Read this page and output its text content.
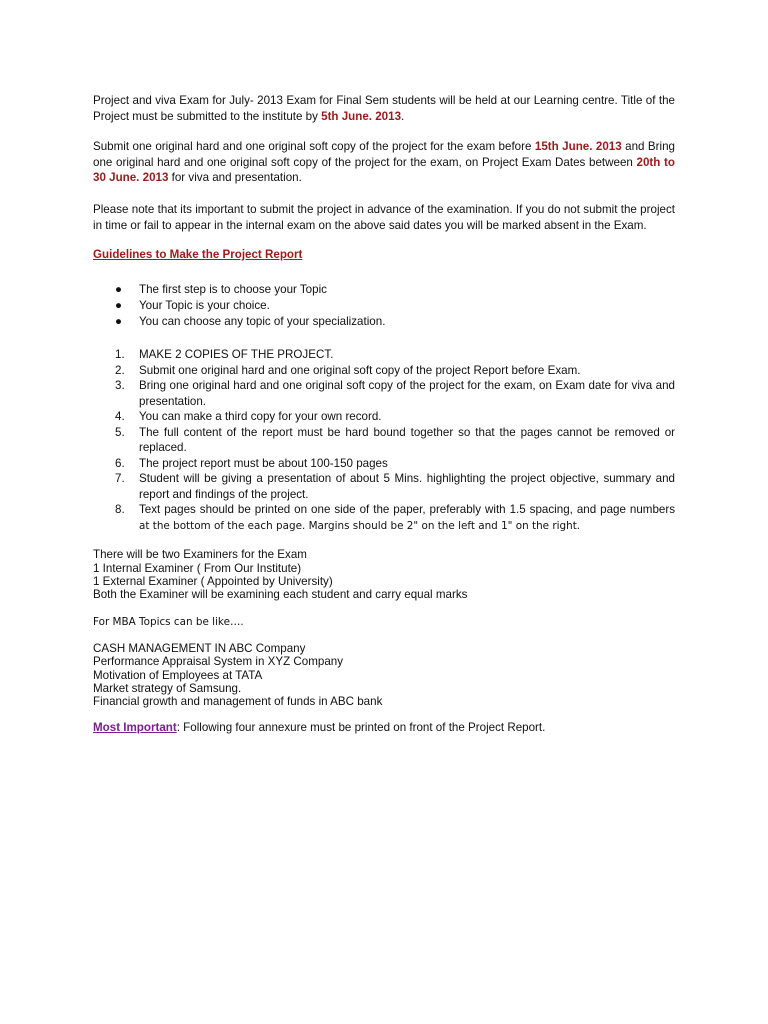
Project and viva Exam for July- 2013 Exam for Final Sem students will be held at our Learning centre. Title of the Project must be submitted to the institute by 5th June. 2013.

Submit one original hard and one original soft copy of the project for the exam before 15th June. 2013 and Bring one original hard and one original soft copy of the project for the exam, on Project Exam Dates between 20th to 30 June. 2013 for viva and presentation.

Please note that its important to submit the project in advance of the examination. If you do not submit the project in time or fail to appear in the internal exam on the above said dates you will be marked absent in the Exam.

Guidelines to Make the Project Report
● The first step is to choose your Topic
● Your Topic is your choice.
● You can choose any topic of your specialization.
1. MAKE 2 COPIES OF THE PROJECT.
2. Submit one original hard and one original soft copy of the project Report before Exam.
3. Bring one original hard and one original soft copy of the project for the exam, on Exam date for viva and presentation.
4. You can make a third copy for your own record.
5. The full content of the report must be hard bound together so that the pages cannot be removed or replaced.
6. The project report must be about 100-150 pages
7. Student will be giving a presentation of about 5 Mins. highlighting the project objective, summary and report and findings of the project.
8. Text pages should be printed on one side of the paper, preferably with 1.5 spacing, and page numbers at the bottom of the each page. Margins should be 2" on the left and 1" on the right.
There will be two Examiners for the Exam
1 Internal Examiner ( From Our Institute)
1 External Examiner ( Appointed by University)
Both the Examiner will be examining each student and carry equal marks
For MBA Topics can be like….
CASH MANAGEMENT IN ABC Company
Performance Appraisal System in XYZ Company
Motivation of Employees at TATA
Market strategy of Samsung.
Financial growth and management of funds in ABC bank
Most Important: Following four annexure must be printed on front of the Project Report.
